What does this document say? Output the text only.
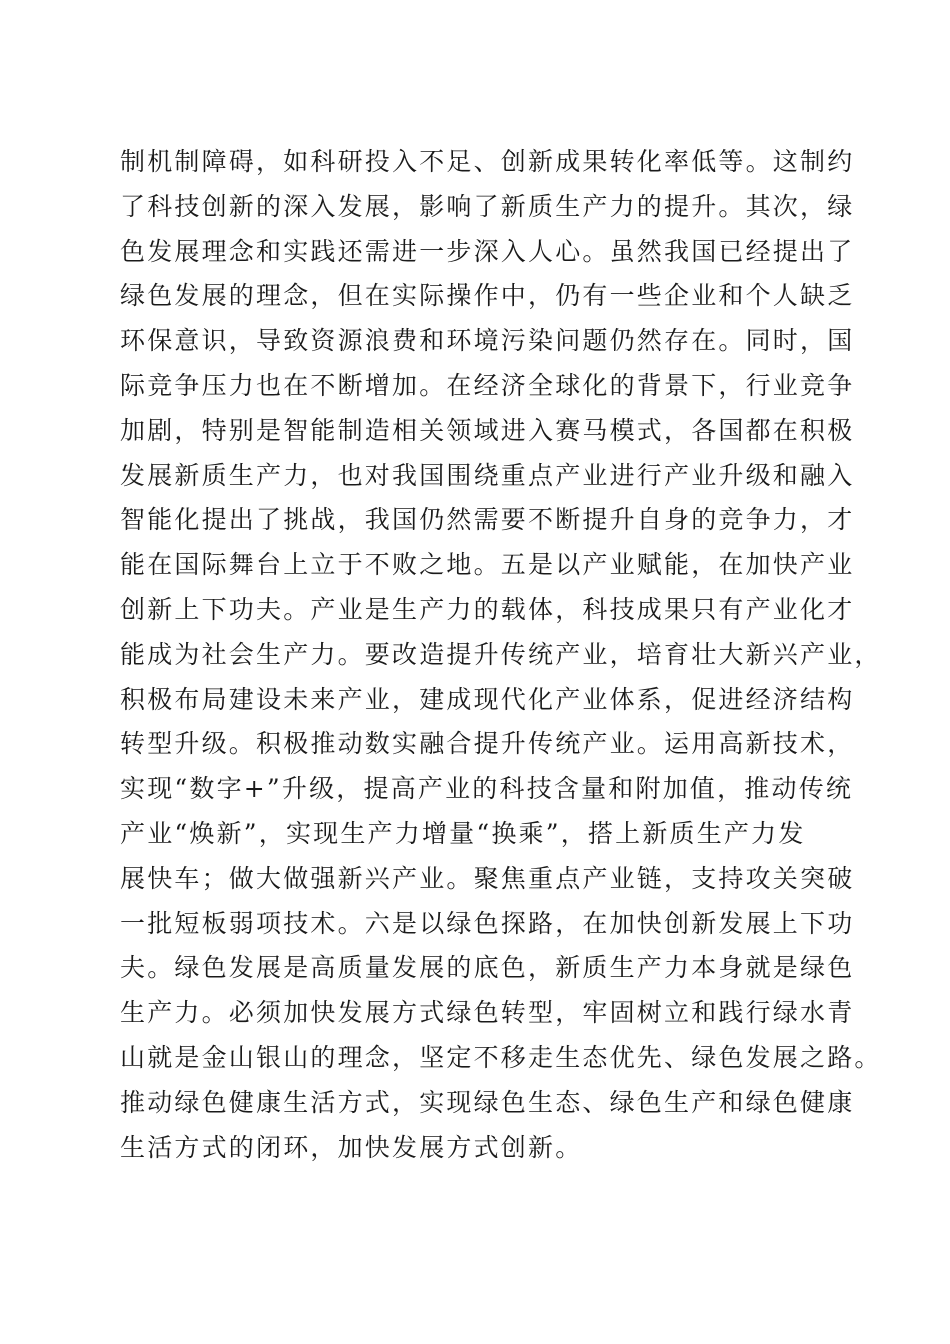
制机制障碍，如科研投入不足、创新成果转化率低等。这制约
了科技创新的深入发展，影响了新质生产力的提升。其次，绿
色发展理念和实践还需进一步深入人心。虽然我国已经提出了
绿色发展的理念，但在实际操作中，仍有一些企业和个人缺乏
环保意识，导致资源浪费和环境污染问题仍然存在。同时，国
际竞争压力也在不断增加。在经济全球化的背景下，行业竞争
加剧，特别是智能制造相关领域进入赛马模式，各国都在积极
发展新质生产力，也对我国围绕重点产业进行产业升级和融入
智能化提出了挑战，我国仍然需要不断提升自身的竞争力，才
能在国际舞台上立于不败之地。五是以产业赋能，在加快产业
创新上下功夫。产业是生产力的载体，科技成果只有产业化才
能成为社会生产力。要改造提升传统产业，培育壮大新兴产业，
积极布局建设未来产业，建成现代化产业体系，促进经济结构
转型升级。积极推动数实融合提升传统产业。运用高新技术，
实现“数字+”升级，提高产业的科技含量和附加值，推动传统
产业“焕新”，实现生产力增量“换乘”，搭上新质生产力发
展快车；做大做强新兴产业。聚焦重点产业链，支持攻关突破
一批短板弱项技术。六是以绿色探路，在加快创新发展上下功
夫。绿色发展是高质量发展的底色，新质生产力本身就是绿色
生产力。必须加快发展方式绿色转型，牢固树立和践行绿水青
山就是金山银山的理念，坚定不移走生态优先、绿色发展之路。
推动绿色健康生活方式，实现绿色生态、绿色生产和绿色健康
生活方式的闭环，加快发展方式创新。
